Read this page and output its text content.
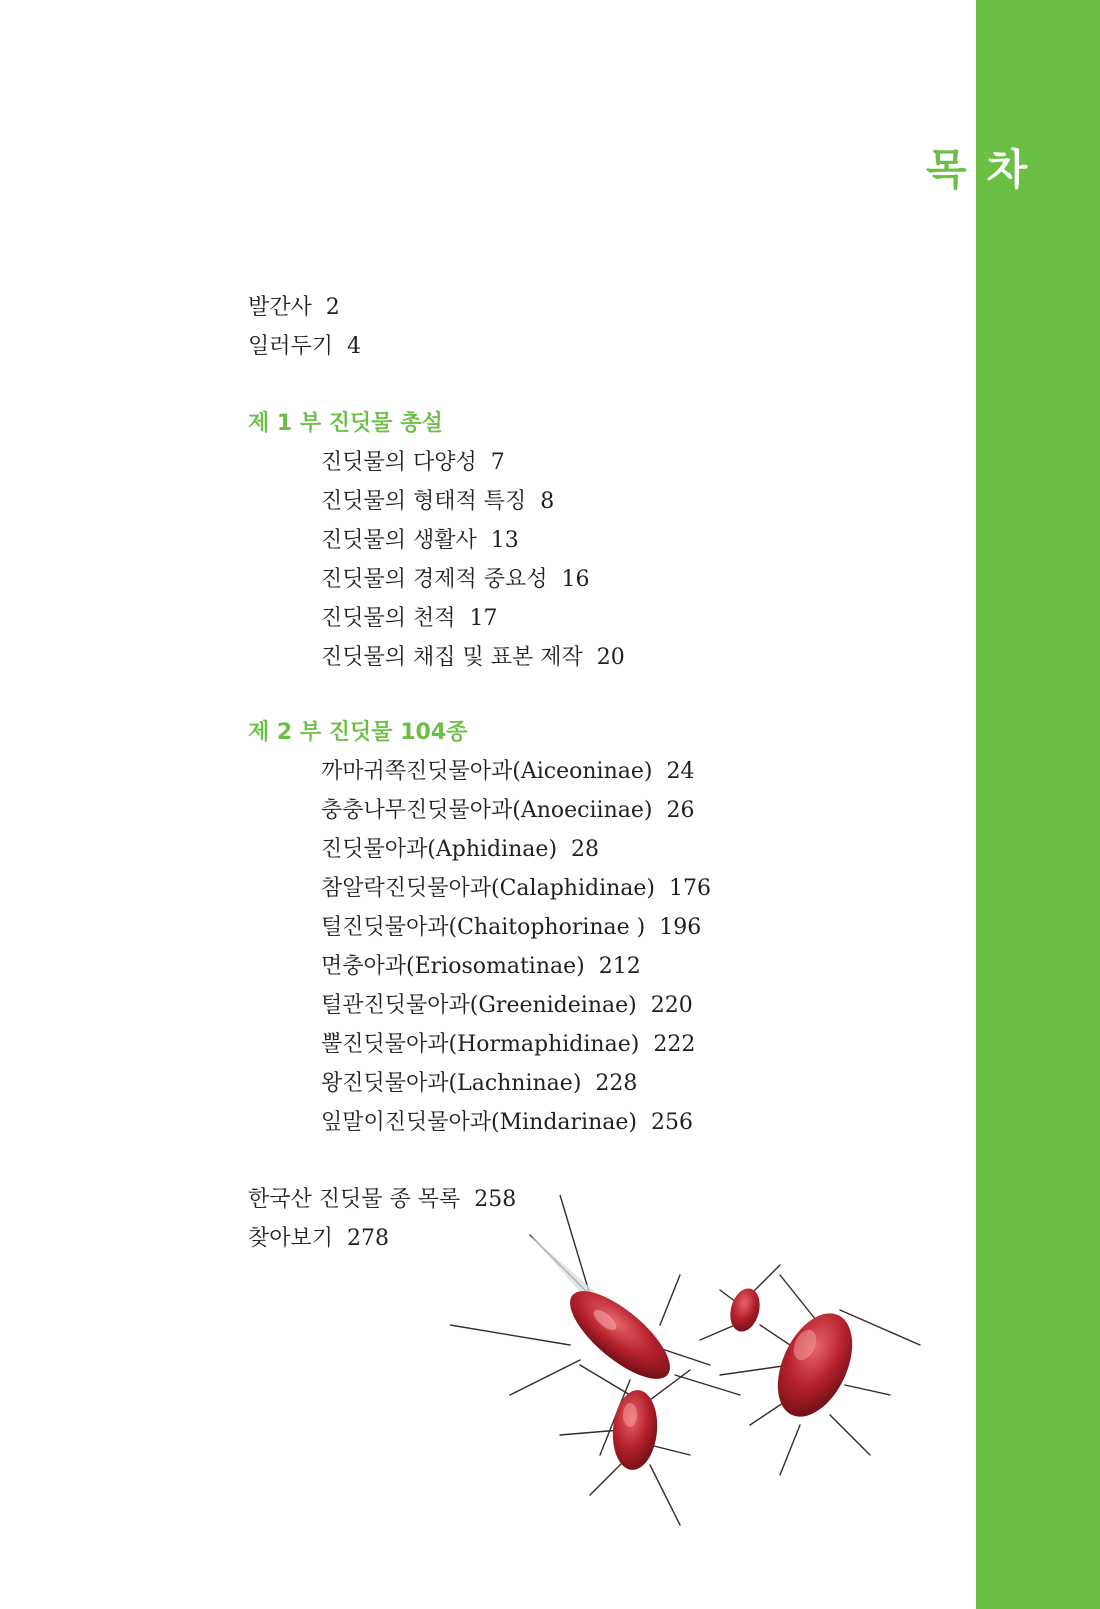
목 차
발간사 2
일러두기 4
제 1 부 진딧물 총설
진딧물의 다양성 7
진딧물의 형태적 특징 8
진딧물의 생활사 13
진딧물의 경제적 중요성 16
진딧물의 천적 17
진딧물의 채집 및 표본 제작 20
제 2 부 진딧물 104종
까마귀쪽진딧물아과(Aiceoninae) 24
충충나무진딧물아과(Anoeciinae) 26
진딧물아과(Aphidinae) 28
참알락진딧물아과(Calaphidinae) 176
털진딧물아과(Chaitophorinae ) 196
면충아과(Eriosomatinae) 212
털관진딧물아과(Greenideinae) 220
뿔진딧물아과(Hormaphidinae) 222
왕진딧물아과(Lachninae) 228
잎말이진딧물아과(Mindarinae) 256
한국산 진딧물 종 목록 258
찾아보기 278
